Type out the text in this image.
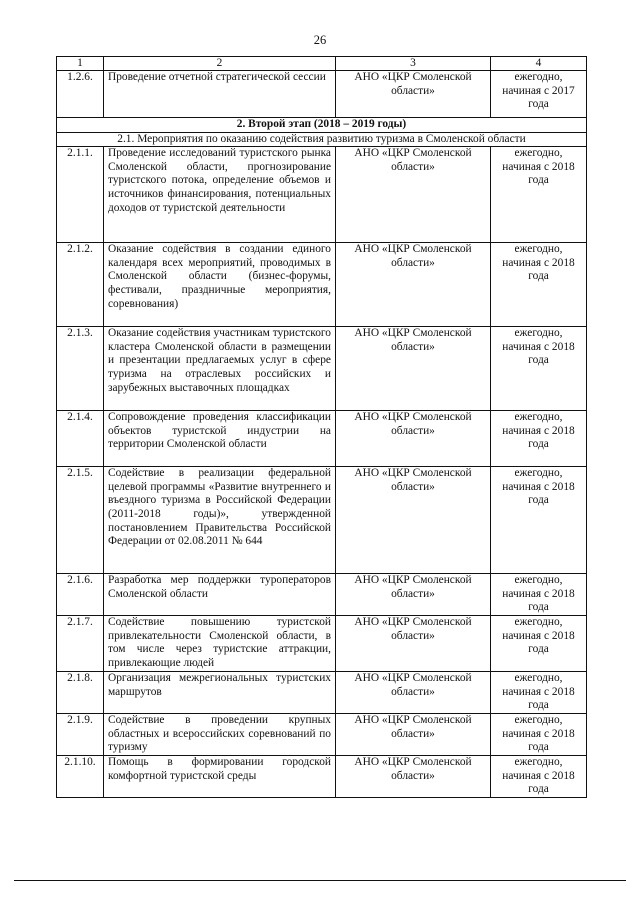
26
1	2	3	4
1.2.6.	Проведение отчетной стратегической сессии	АНО «ЦКР Смоленской области»	ежегодно, начиная с 2017 года
2. Второй этап (2018 – 2019 годы)			
2.1. Мероприятия по оказанию содействия развитию туризма в Смоленской области			
2.1.1.	Проведение исследований туристского рынка Смоленской области, прогнозирование туристского потока, определение объемов и источников финансирования, потенциальных доходов от туристской деятельности	АНО «ЦКР Смоленской области»	ежегодно, начиная с 2018 года
2.1.2.	Оказание содействия в создании единого календаря всех мероприятий, проводимых в Смоленской области (бизнес-форумы, фестивали, праздничные мероприятия, соревнования)	АНО «ЦКР Смоленской области»	ежегодно, начиная с 2018 года
2.1.3.	Оказание содействия участникам туристского кластера Смоленской области в размещении и презентации предлагаемых услуг в сфере туризма на отраслевых российских и зарубежных выставочных площадках	АНО «ЦКР Смоленской области»	ежегодно, начиная с 2018 года
2.1.4.	Сопровождение проведения классификации объектов туристской индустрии на территории Смоленской области	АНО «ЦКР Смоленской области»	ежегодно, начиная с 2018 года
2.1.5.	Содействие в реализации федеральной целевой программы «Развитие внутреннего и въездного туризма в Российской Федерации (2011-2018 годы)», утвержденной постановлением Правительства Российской Федерации от 02.08.2011 № 644	АНО «ЦКР Смоленской области»	ежегодно, начиная с 2018 года
2.1.6.	Разработка мер поддержки туроператоров Смоленской области	АНО «ЦКР Смоленской области»	ежегодно, начиная с 2018 года
2.1.7.	Содействие повышению туристской привлекательности Смоленской области, в том числе через туристские аттракции, привлекающие людей	АНО «ЦКР Смоленской области»	ежегодно, начиная с 2018 года
2.1.8.	Организация межрегиональных туристских маршрутов	АНО «ЦКР Смоленской области»	ежегодно, начиная с 2018 года
2.1.9.	Содействие в проведении крупных областных и всероссийских соревнований по туризму	АНО «ЦКР Смоленской области»	ежегодно, начиная с 2018 года
2.1.10.	Помощь в формировании городской комфортной туристской среды	АНО «ЦКР Смоленской области»	ежегодно, начиная с 2018 года
